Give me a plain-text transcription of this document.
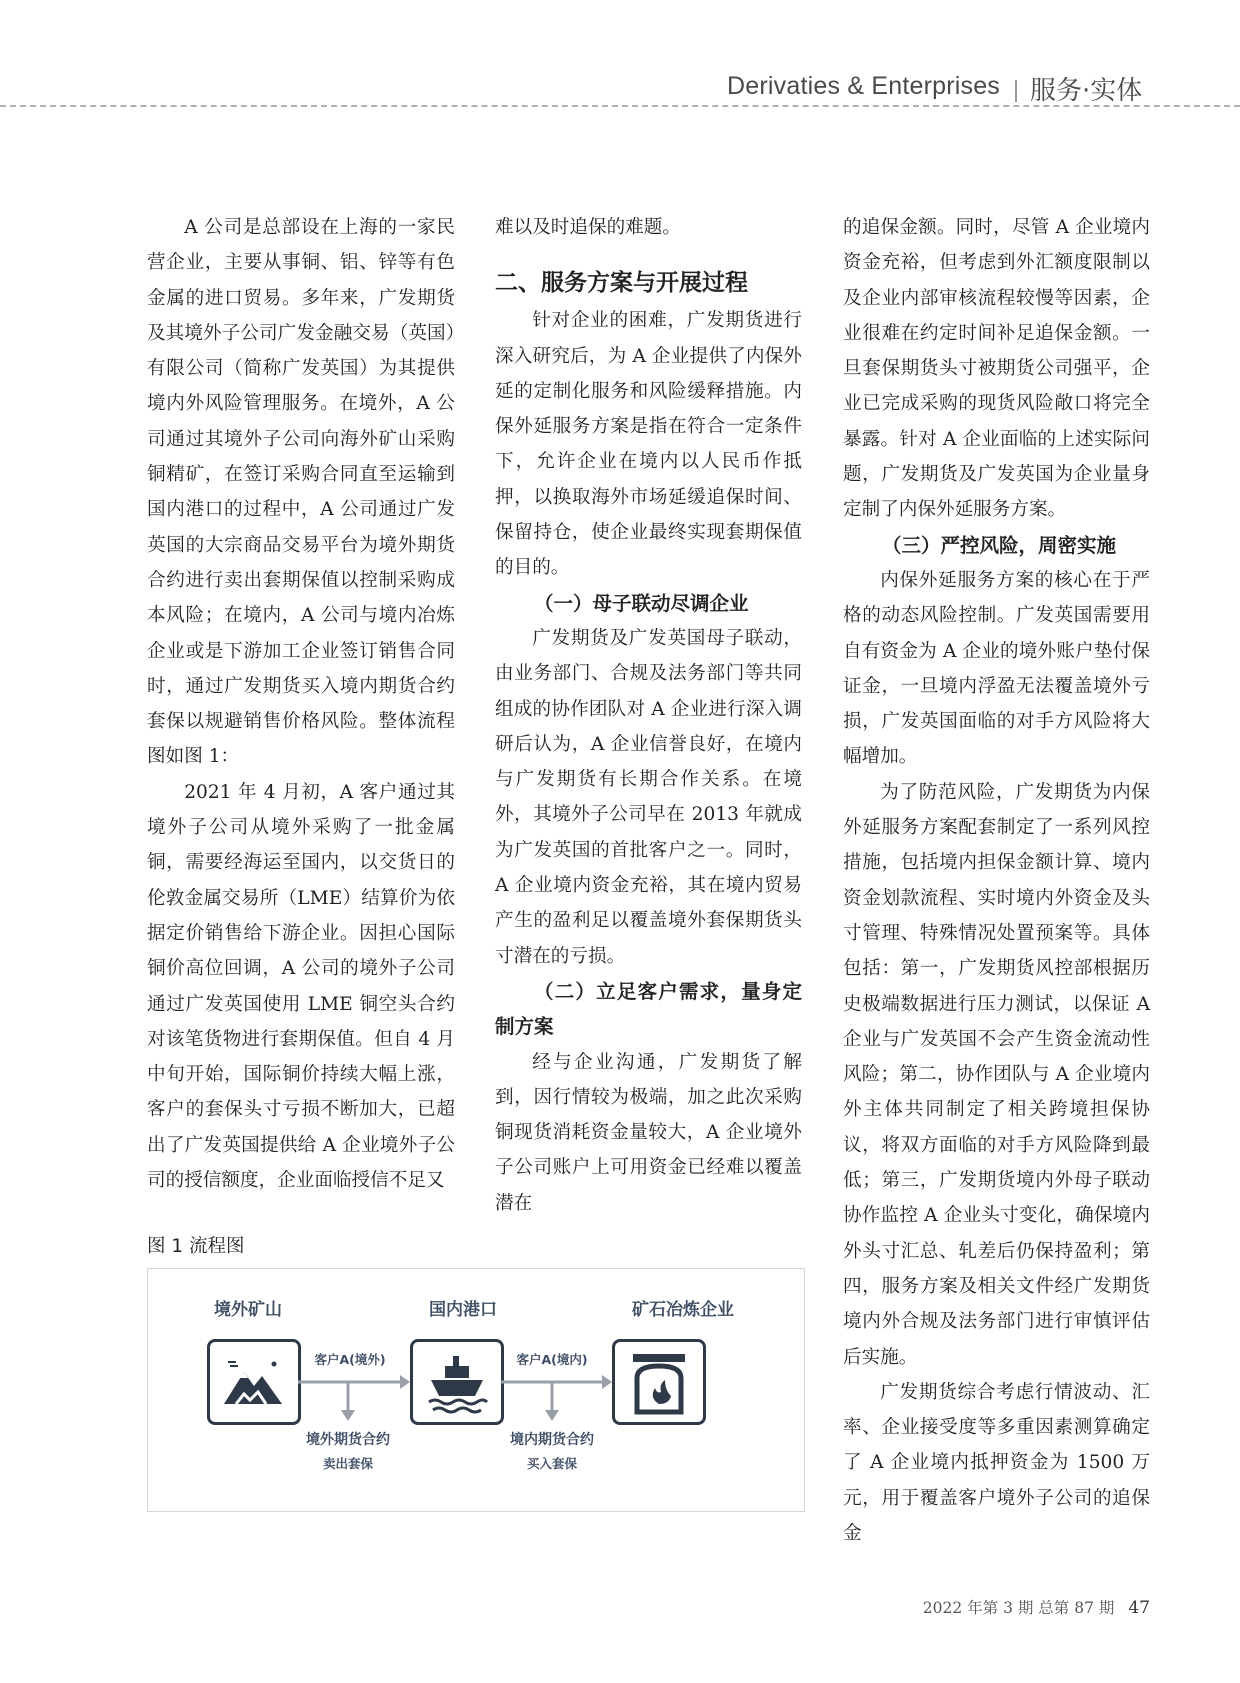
Derivaties & Enterprises 服务·实体

A 公司是总部设在上海的一家民营企业，主要从事铜、铝、锌等有色金属的进口贸易。多年来，广发期货及其境外子公司广发金融交易（英国）有限公司（简称广发英国）为其提供境内外风险管理服务。在境外，A 公司通过其境外子公司向海外矿山采购铜精矿，在签订采购合同直至运输到国内港口的过程中，A 公司通过广发英国的大宗商品交易平台为境外期货合约进行卖出套期保值以控制采购成本风险；在境内，A 公司与境内冶炼企业或是下游加工企业签订销售合同时，通过广发期货买入境内期货合约套保以规避销售价格风险。整体流程图如图 1：

2021 年 4 月初，A 客户通过其境外子公司从境外采购了一批金属铜，需要经海运至国内，以交货日的伦敦金属交易所（LME）结算价为依据定价销售给下游企业。因担心国际铜价高位回调，A 公司的境外子公司通过广发英国使用 LME 铜空头合约对该笔货物进行套期保值。但自 4 月中旬开始，国际铜价持续大幅上涨，客户的套保头寸亏损不断加大，已超出了广发英国提供给 A 企业境外子公司的授信额度，企业面临授信不足又

难以及时追保的难题。

二、服务方案与开展过程

针对企业的困难，广发期货进行深入研究后，为 A 企业提供了内保外延的定制化服务和风险缓释措施。内保外延服务方案是指在符合一定条件下，允许企业在境内以人民币作抵押，以换取海外市场延缓追保时间、保留持仓，使企业最终实现套期保值的目的。

（一）母子联动尽调企业

广发期货及广发英国母子联动，由业务部门、合规及法务部门等共同组成的协作团队对 A 企业进行深入调研后认为，A 企业信誉良好，在境内与广发期货有长期合作关系。在境外，其境外子公司早在 2013 年就成为广发英国的首批客户之一。同时，A 企业境内资金充裕，其在境内贸易产生的盈利足以覆盖境外套保期货头寸潜在的亏损。

（二）立足客户需求，量身定制方案

经与企业沟通，广发期货了解到，因行情较为极端，加之此次采购铜现货消耗资金量较大，A 企业境外子公司账户上可用资金已经难以覆盖潜在

的追保金额。同时，尽管 A 企业境内资金充裕，但考虑到外汇额度限制以及企业内部审核流程较慢等因素，企业很难在约定时间补足追保金额。一旦套保期货头寸被期货公司强平，企业已完成采购的现货风险敞口将完全暴露。针对 A 企业面临的上述实际问题，广发期货及广发英国为企业量身定制了内保外延服务方案。

（三）严控风险，周密实施

内保外延服务方案的核心在于严格的动态风险控制。广发英国需要用自有资金为 A 企业的境外账户垫付保证金，一旦境内浮盈无法覆盖境外亏损，广发英国面临的对手方风险将大幅增加。

为了防范风险，广发期货为内保外延服务方案配套制定了一系列风控措施，包括境内担保金额计算、境内资金划款流程、实时境内外资金及头寸管理、特殊情况处置预案等。具体包括：第一，广发期货风控部根据历史极端数据进行压力测试，以保证 A 企业与广发英国不会产生资金流动性风险；第二，协作团队与 A 企业境内外主体共同制定了相关跨境担保协议，将双方面临的对手方风险降到最低；第三，广发期货境内外母子联动协作监控 A 企业头寸变化，确保境内外头寸汇总、轧差后仍保持盈利；第四，服务方案及相关文件经广发期货境内外合规及法务部门进行审慎评估后实施。

广发期货综合考虑行情波动、汇率、企业接受度等多重因素测算确定了 A 企业境内抵押资金为 1500 万元，用于覆盖客户境外子公司的追保金

图 1 流程图
境外矿山	国内港口	矿石冶炼企业
客户A(境外)	客户A(境内)
境外期货合约
卖出套保
境内期货合约
买入套保
2022 年第 3 期 总第 87 期 47
